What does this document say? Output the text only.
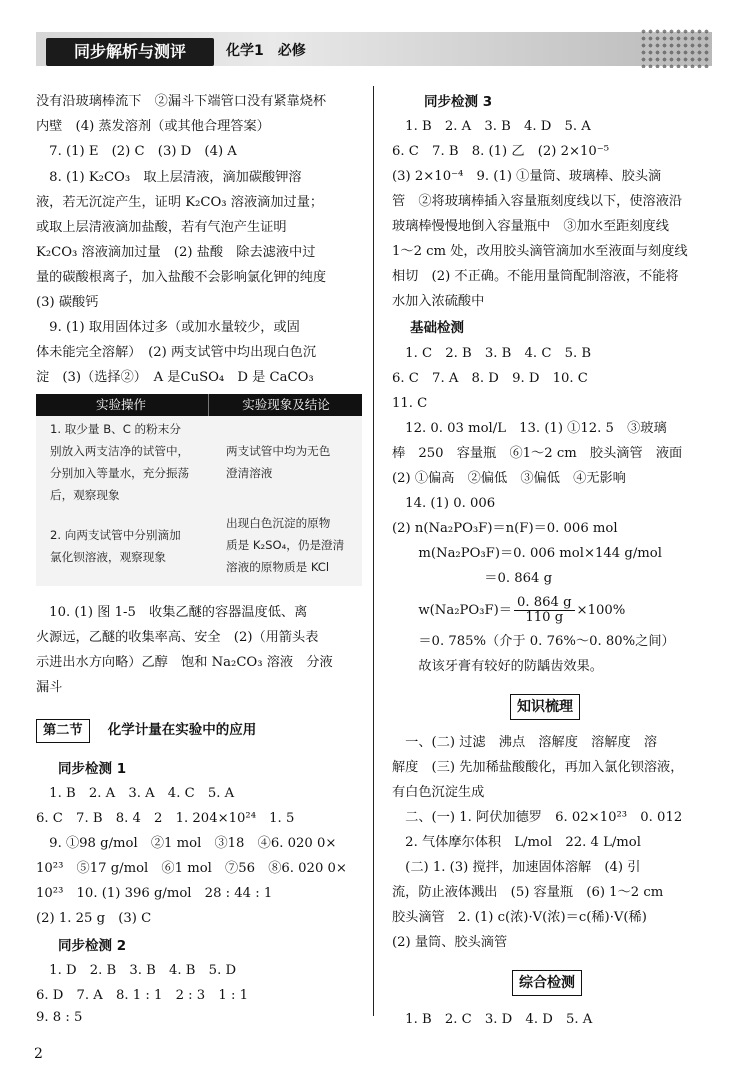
同步解析与测评	化学1　必修
没有沿玻璃棒流下　②漏斗下端管口没有紧靠烧杯
内壁　(4) 蒸发溶剂（或其他合理答案）
　7. (1) E　(2) C　(3) D　(4) A
　8. (1) K₂CO₃　取上层清液，滴加碳酸钾溶
液，若无沉淀产生，证明 K₂CO₃ 溶液滴加过量；
或取上层清液滴加盐酸，若有气泡产生证明
K₂CO₃ 溶液滴加过量　(2) 盐酸　除去滤液中过
量的碳酸根离子，加入盐酸不会影响氯化钾的纯度
(3) 碳酸钙
　9. (1) 取用固体过多（或加水量较少，或固
体未能完全溶解）　(2) 两支试管中均出现白色沉
淀　(3)（选择②）　A 是CuSO₄　D 是 CaCO₃
实验操作	实验现象及结论
1. 取少量 B、C 的粉末分
别放入两支洁净的试管中，
分别加入等量水，充分振荡
后，观察现象
两支试管中均为无色
澄清溶液
2. 向两支试管中分别滴加
氯化钡溶液，观察现象
出现白色沉淀的原物
质是 K₂SO₄，仍是澄清
溶液的原物质是 KCl
　10. (1) 图 1-5　收集乙醚的容器温度低、离
火源远，乙醚的收集率高、安全　(2)（用箭头表
示进出水方向略）乙醇　饱和 Na₂CO₃ 溶液　分液
漏斗
第二节 化学计量在实验中的应用
同步检测 1
　1. B　2. A　3. A　4. C　5. A
6. C　7. B　8. 4　2　1. 204×10²⁴　1. 5
　9. ①98 g/mol　②1 mol　③18　④6. 020 0×
10²³　⑤17 g/mol　⑥1 mol　⑦56　⑧6. 020 0×
10²³　10. (1) 396 g/mol　28 : 44 : 1
(2) 1. 25 g　(3) C
同步检测 2
　1. D　2. B　3. B　4. B　5. D
6. D　7. A　8. 1 : 1　2 : 3　1 : 1
9. 8 : 5
2
同步检测 3
　1. B　2. A　3. B　4. D　5. A
6. C　7. B　8. (1) 乙　(2) 2×10⁻⁵
(3) 2×10⁻⁴　9. (1) ①量筒、玻璃棒、胶头滴
管　②将玻璃棒插入容量瓶刻度线以下，使溶液沿
玻璃棒慢慢地倒入容量瓶中　③加水至距刻度线
1～2 cm 处，改用胶头滴管滴加水至液面与刻度线
相切　(2) 不正确。不能用量筒配制溶液，不能将
水加入浓硫酸中
基础检测
　1. C　2. B　3. B　4. C　5. B
6. C　7. A　8. D　9. D　10. C
11. C
　12. 0. 03 mol/L　13. (1) ①12. 5　③玻璃
棒　250　容量瓶　⑥1～2 cm　胶头滴管　液面
(2) ①偏高　②偏低　③偏低　④无影响
　14. (1) 0. 006
(2) n(Na₂PO₃F)＝n(F)＝0. 006 mol
　　m(Na₂PO₃F)＝0. 006 mol×144 g/mol
　　　　　　　＝0. 864 g
　　$w(Na_2PO_3F)= \frac{0. 864 g}{110 g} \times 100\%$
　　＝0. 785%（介于 0. 76%～0. 80%之间）
　　故该牙膏有较好的防龋齿效果。
知识梳理
　一、(二) 过滤　沸点　溶解度　溶解度　溶
解度　(三) 先加稀盐酸酸化，再加入氯化钡溶液，
有白色沉淀生成
　二、(一) 1. 阿伏加德罗　6. 02×10²³　0. 012
　2. 气体摩尔体积　L/mol　22. 4 L/mol
　(二) 1. (3) 搅拌，加速固体溶解　(4) 引
流，防止液体溅出　(5) 容量瓶　(6) 1～2 cm
胶头滴管　2. (1) c(浓)·V(浓)＝c(稀)·V(稀)
(2) 量筒、胶头滴管
综合检测
　1. B　2. C　3. D　4. D　5. A
